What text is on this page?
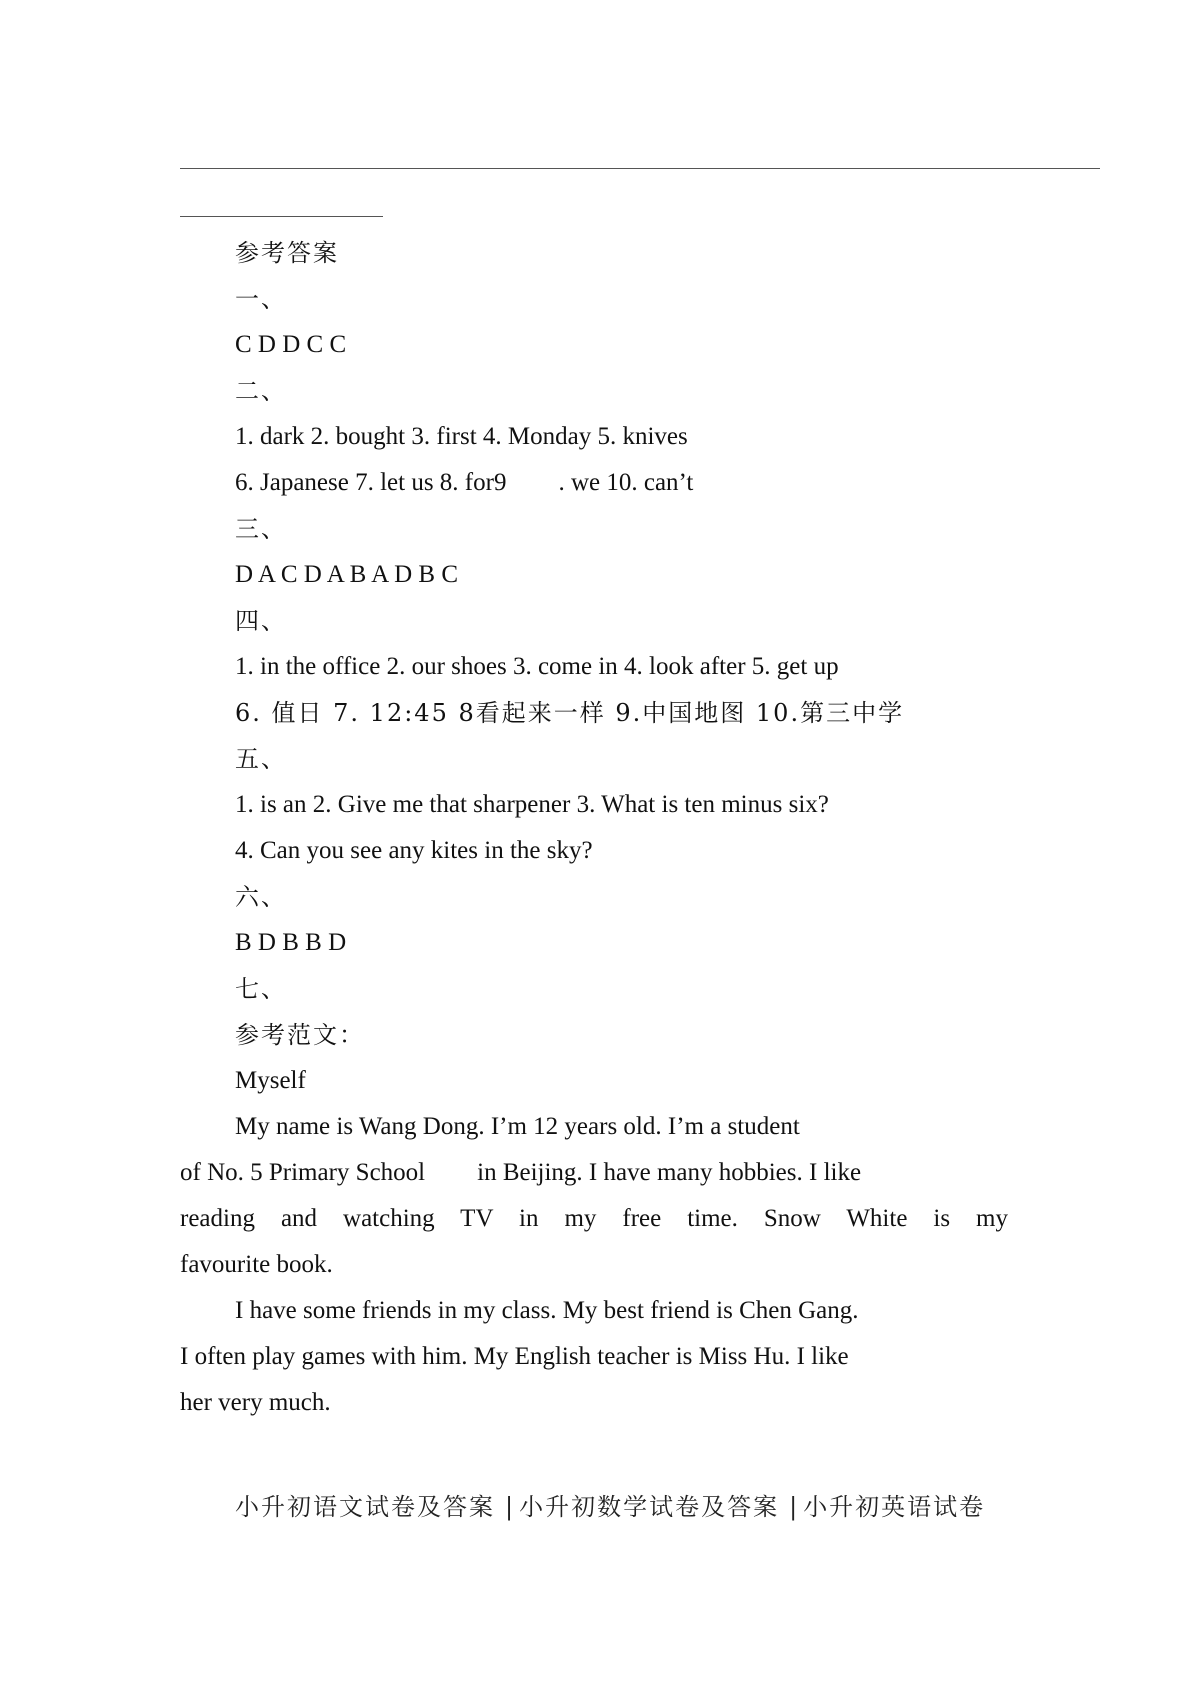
参考答案
一、
C D D C C
二、
1. dark 2. bought 3. first 4. Monday 5. knives
6. Japanese 7. let us 8. for9 . we 10. can’t
三、
D A C D A B A D B C
四、
1. in the office 2. our shoes 3. come in 4. look after 5. get up
6. 值日 7. 12:45 8看起来一样 9.中国地图 10.第三中学
五、
1. is an 2. Give me that sharpener 3. What is ten minus six?
4. Can you see any kites in the sky?
六、
B D B B D
七、
参考范文：
Myself
My name is Wang Dong. I’m 12 years old. I’m a student
of No. 5 Primary School in Beijing. I have many hobbies. I like
reading and watching TV in my free time. Snow White is my
favourite book.
I have some friends in my class. My best friend is Chen Gang.
I often play games with him. My English teacher is Miss Hu. I like
her very much.
小升初语文试卷及答案 | 小升初数学试卷及答案 | 小升初英语试卷
